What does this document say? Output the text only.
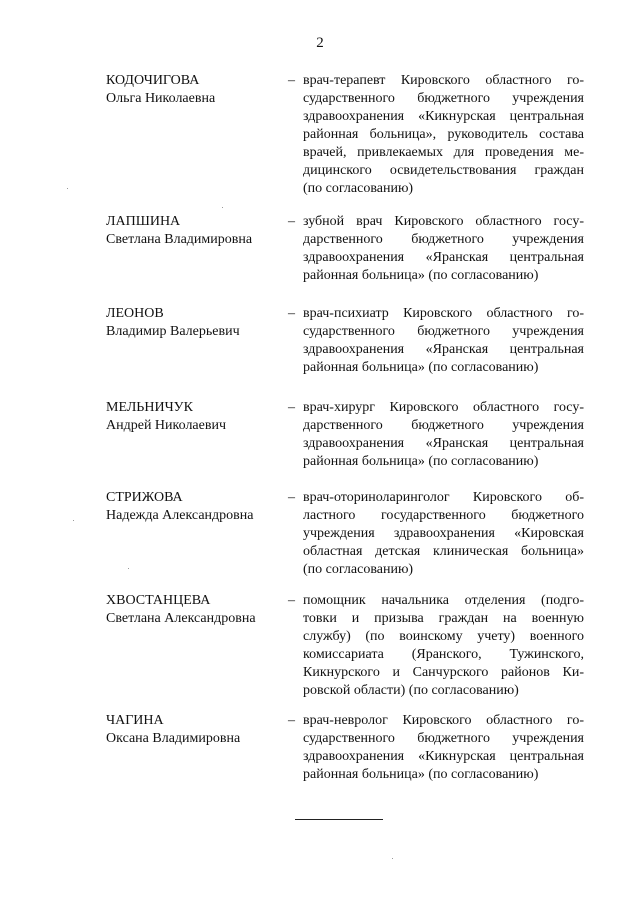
2
КОДОЧИГОВА
Ольга Николаевна
– врач-терапевт Кировского областного го-
сударственного бюджетного учреждения
здравоохранения «Кикнурская центральная
районная больница», руководитель состава
врачей, привлекаемых для проведения ме-
дицинского освидетельствования граждан
(по согласованию)
ЛАПШИНА
Светлана Владимировна
– зубной врач Кировского областного госу-
дарственного бюджетного учреждения
здравоохранения «Яранская центральная
районная больница» (по согласованию)
ЛЕОНОВ
Владимир Валерьевич
– врач-психиатр Кировского областного го-
сударственного бюджетного учреждения
здравоохранения «Яранская центральная
районная больница» (по согласованию)
МЕЛЬНИЧУК
Андрей Николаевич
– врач-хирург Кировского областного госу-
дарственного бюджетного учреждения
здравоохранения «Яранская центральная
районная больница» (по согласованию)
СТРИЖОВА
Надежда Александровна
– врач-оториноларинголог Кировского об-
ластного государственного бюджетного
учреждения здравоохранения «Кировская
областная детская клиническая больница»
(по согласованию)
ХВОСТАНЦЕВА
Светлана Александровна
– помощник начальника отделения (подго-
товки и призыва граждан на военную
службу) (по воинскому учету) военного
комиссариата (Яранского, Тужинского,
Кикнурского и Санчурского районов Ки-
ровской области) (по согласованию)
ЧАГИНА
Оксана Владимировна
– врач-невролог Кировского областного го-
сударственного бюджетного учреждения
здравоохранения «Кикнурская центральная
районная больница» (по согласованию)
